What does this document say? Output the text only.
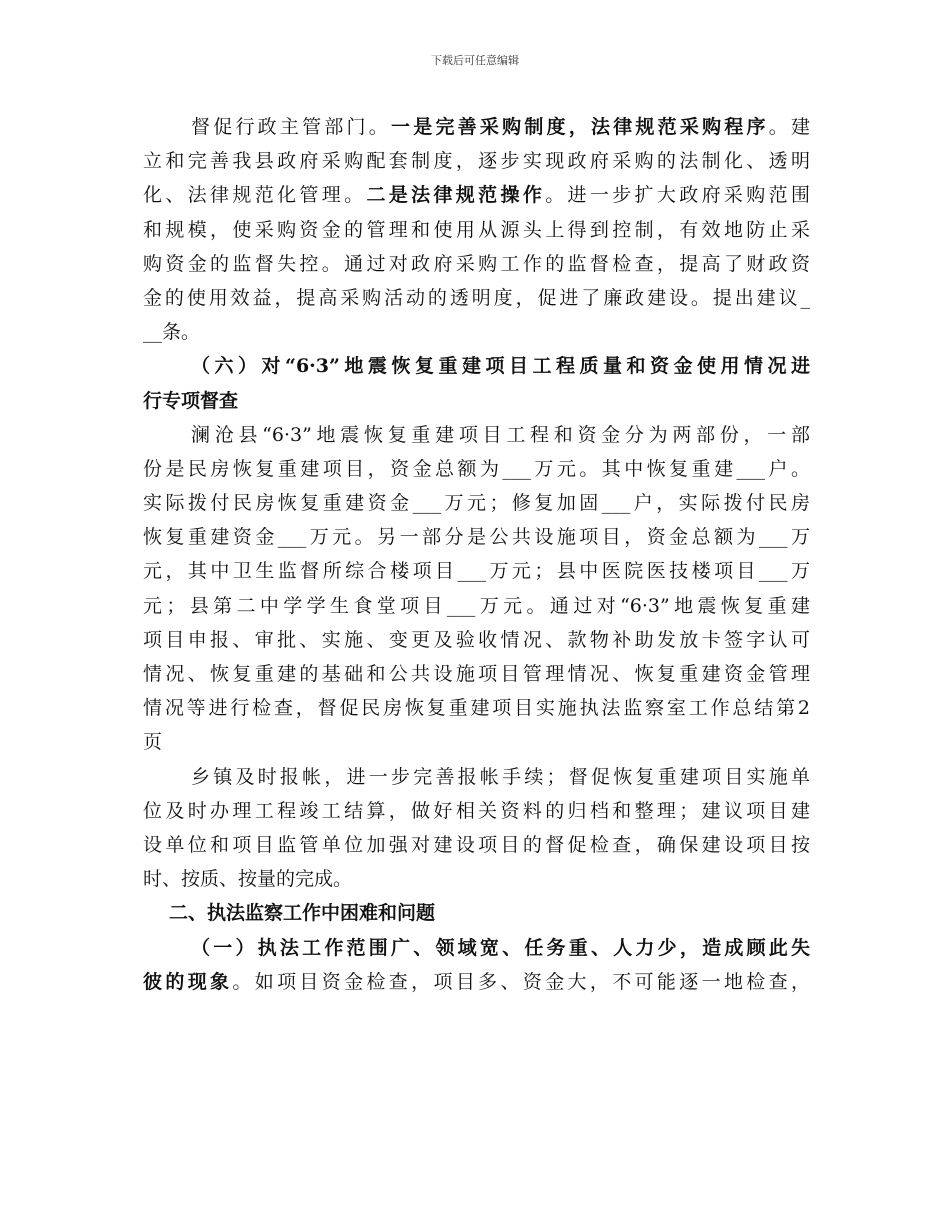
下载后可任意编辑
督促行政主管部门。一是完善采购制度，法律规范采购程序。建
立和完善我县政府采购配套制度，逐步实现政府采购的法制化、透明
化、法律规范化管理。二是法律规范操作。进一步扩大政府采购范围
和规模，使采购资金的管理和使用从源头上得到控制，有效地防止采
购资金的监督失控。通过对政府采购工作的监督检查，提高了财政资
金的使用效益，提高采购活动的透明度，促进了廉政建设。提出建议_
__条。
（六）对“6·3”地震恢复重建项目工程质量和资金使用情况进
行专项督查
澜沧县“6·3”地震恢复重建项目工程和资金分为两部份，一部
份是民房恢复重建项目，资金总额为___万元。其中恢复重建___户。
实际拨付民房恢复重建资金___万元；修复加固___户，实际拨付民房
恢复重建资金___万元。另一部分是公共设施项目，资金总额为___万
元，其中卫生监督所综合楼项目___万元；县中医院医技楼项目___万
元；县第二中学学生食堂项目___万元。通过对“6·3”地震恢复重建
项目申报、审批、实施、变更及验收情况、款物补助发放卡签字认可
情况、恢复重建的基础和公共设施项目管理情况、恢复重建资金管理
情况等进行检查，督促民房恢复重建项目实施执法监察室工作总结第2
页
乡镇及时报帐，进一步完善报帐手续；督促恢复重建项目实施单
位及时办理工程竣工结算，做好相关资料的归档和整理；建议项目建
设单位和项目监管单位加强对建设项目的督促检查，确保建设项目按
时、按质、按量的完成。
二、执法监察工作中困难和问题
（一）执法工作范围广、领域宽、任务重、人力少，造成顾此失
彼的现象。如项目资金检查，项目多、资金大，不可能逐一地检查，
